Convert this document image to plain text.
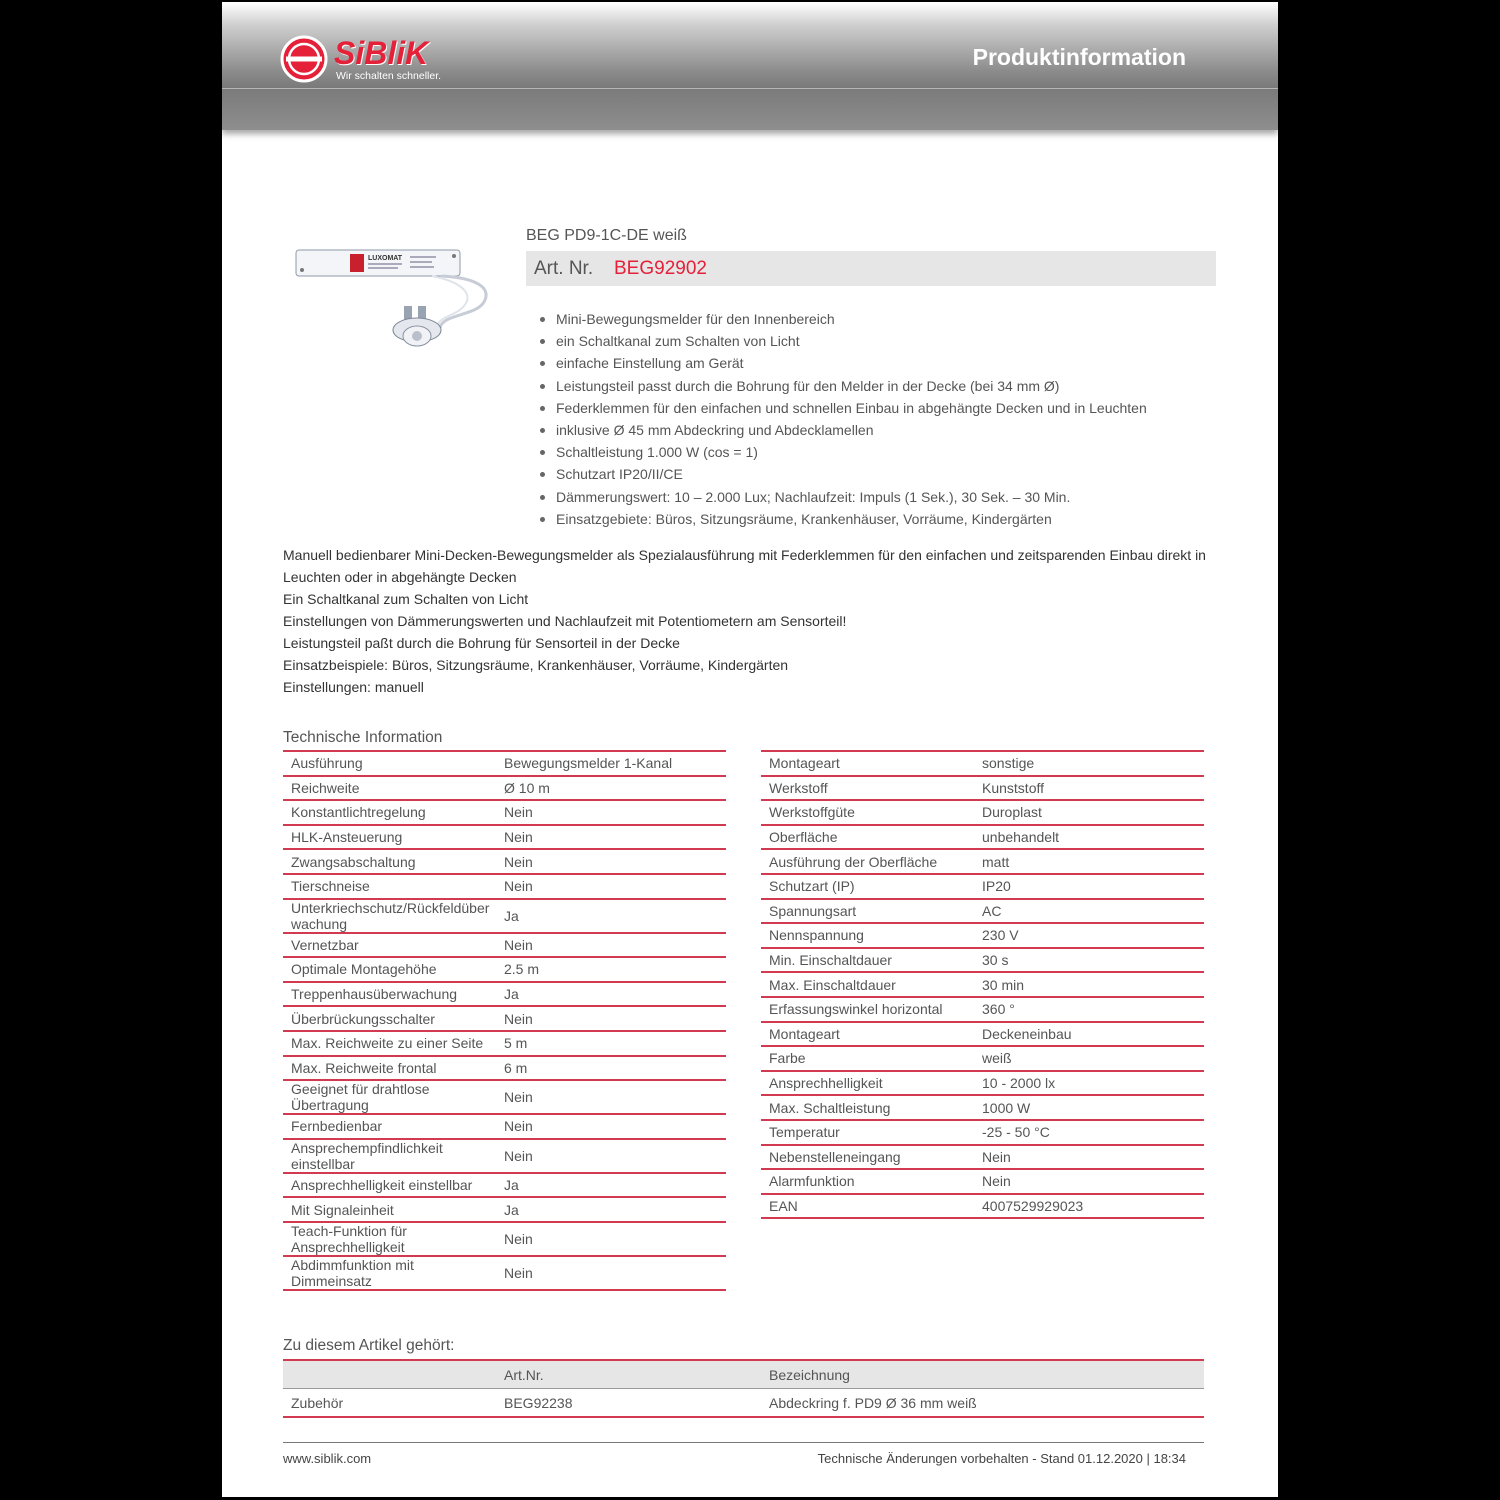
SiBliK
Wir schalten schneller.
Produktinformation
LUXOMAT
BEG PD9-1C-DE weiß
Art. Nr. BEG92902
Mini-Bewegungsmelder für den Innenbereich
ein Schaltkanal zum Schalten von Licht
einfache Einstellung am Gerät
Leistungsteil passt durch die Bohrung für den Melder in der Decke (bei 34 mm Ø)
Federklemmen für den einfachen und schnellen Einbau in abgehängte Decken und in Leuchten
inklusive Ø 45 mm Abdeckring und Abdecklamellen
Schaltleistung 1.000 W (cos = 1)
Schutzart IP20/II/CE
Dämmerungswert: 10 – 2.000 Lux; Nachlaufzeit: Impuls (1 Sek.), 30 Sek. – 30 Min.
Einsatzgebiete: Büros, Sitzungsräume, Krankenhäuser, Vorräume, Kindergärten
Manuell bedienbarer Mini-Decken-Bewegungsmelder als Spezialausführung mit Federklemmen für den einfachen und zeitsparenden Einbau direkt in Leuchten oder in abgehängte Decken
Ein Schaltkanal zum Schalten von Licht
Einstellungen von Dämmerungswerten und Nachlaufzeit mit Potentiometern am Sensorteil!
Leistungsteil paßt durch die Bohrung für Sensorteil in der Decke
Einsatzbeispiele: Büros, Sitzungsräume, Krankenhäuser, Vorräume, Kindergärten
Einstellungen: manuell
Technische Information
Ausführung	Bewegungsmelder 1-Kanal
Reichweite	Ø 10 m
Konstantlichtregelung	Nein
HLK-Ansteuerung	Nein
Zwangsabschaltung	Nein
Tierschneise	Nein
Unterkriechschutz/Rückfeldüberwachung	Ja
Vernetzbar	Nein
Optimale Montagehöhe	2.5 m
Treppenhausüberwachung	Ja
Überbrückungsschalter	Nein
Max. Reichweite zu einer Seite	5 m
Max. Reichweite frontal	6 m
Geeignet für drahtlose Übertragung	Nein
Fernbedienbar	Nein
Ansprechempfindlichkeit einstellbar	Nein
Ansprechhelligkeit einstellbar	Ja
Mit Signaleinheit	Ja
Teach-Funktion für Ansprechhelligkeit	Nein
Abdimmfunktion mit Dimmeinsatz	Nein
Montageart	sonstige
Werkstoff	Kunststoff
Werkstoffgüte	Duroplast
Oberfläche	unbehandelt
Ausführung der Oberfläche	matt
Schutzart (IP)	IP20
Spannungsart	AC
Nennspannung	230 V
Min. Einschaltdauer	30 s
Max. Einschaltdauer	30 min
Erfassungswinkel horizontal	360 °
Montageart	Deckeneinbau
Farbe	weiß
Ansprechhelligkeit	10 - 2000 lx
Max. Schaltleistung	1000 W
Temperatur	-25 - 50 °C
Nebenstelleneingang	Nein
Alarmfunktion	Nein
EAN	4007529929023
Zu diesem Artikel gehört:
	Art.Nr.	Bezeichnung
Zubehör	BEG92238	Abdeckring f. PD9 Ø 36 mm weiß
www.siblik.com	Technische Änderungen vorbehalten - Stand 01.12.2020 | 18:34
